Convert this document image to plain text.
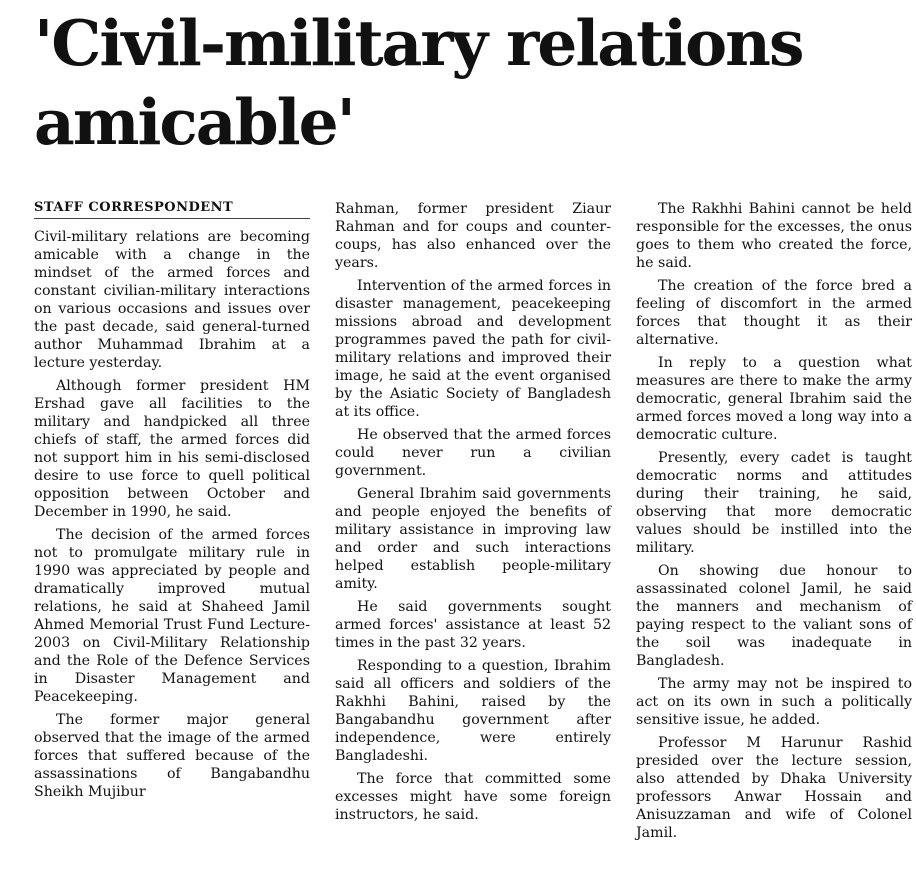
'Civil-military relations amicable'
STAFF CORRESPONDENT

Civil-military relations are becoming amicable with a change in the mindset of the armed forces and constant civilian-military interactions on various occasions and issues over the past decade, said general-turned author Muhammad Ibrahim at a lecture yesterday.

Although former president HM Ershad gave all facilities to the military and handpicked all three chiefs of staff, the armed forces did not support him in his semi-disclosed desire to use force to quell political opposition between October and December in 1990, he said.

The decision of the armed forces not to promulgate military rule in 1990 was appreciated by people and dramatically improved mutual relations, he said at Shaheed Jamil Ahmed Memorial Trust Fund Lecture-2003 on Civil-Military Relationship and the Role of the Defence Services in Disaster Management and Peacekeeping.

The former major general observed that the image of the armed forces that suffered because of the assassinations of Bangabandhu Sheikh Mujibur

Rahman, former president Ziaur Rahman and for coups and counter-coups, has also enhanced over the years.

Intervention of the armed forces in disaster management, peacekeeping missions abroad and development programmes paved the path for civil-military relations and improved their image, he said at the event organised by the Asiatic Society of Bangladesh at its office.

He observed that the armed forces could never run a civilian government.

General Ibrahim said governments and people enjoyed the benefits of military assistance in improving law and order and such interactions helped establish people-military amity.

He said governments sought armed forces' assistance at least 52 times in the past 32 years.

Responding to a question, Ibrahim said all officers and soldiers of the Rakhhi Bahini, raised by the Bangabandhu government after independence, were entirely Bangladeshi.

The force that committed some excesses might have some foreign instructors, he said.

The Rakhhi Bahini cannot be held responsible for the excesses, the onus goes to them who created the force, he said.

The creation of the force bred a feeling of discomfort in the armed forces that thought it as their alternative.

In reply to a question what measures are there to make the army democratic, general Ibrahim said the armed forces moved a long way into a democratic culture.

Presently, every cadet is taught democratic norms and attitudes during their training, he said, observing that more democratic values should be instilled into the military.

On showing due honour to assassinated colonel Jamil, he said the manners and mechanism of paying respect to the valiant sons of the soil was inadequate in Bangladesh.

The army may not be inspired to act on its own in such a politically sensitive issue, he added.

Professor M Harunur Rashid presided over the lecture session, also attended by Dhaka University professors Anwar Hossain and Anisuzzaman and wife of Colonel Jamil.
